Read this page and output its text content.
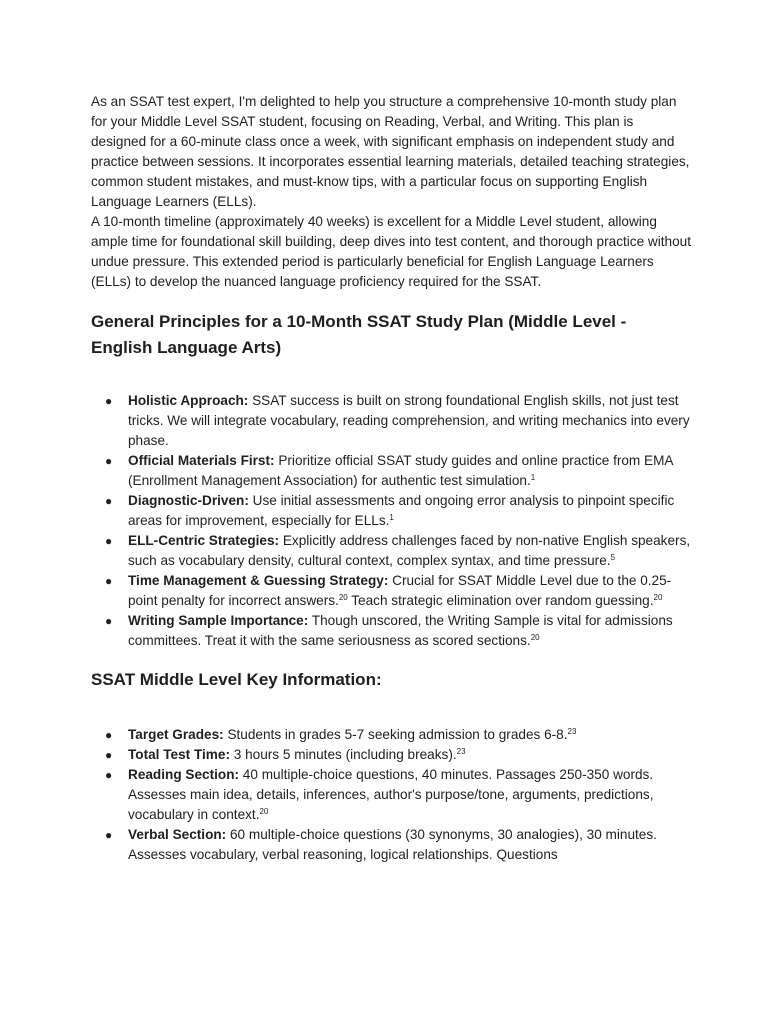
As an SSAT test expert, I'm delighted to help you structure a comprehensive 10-month study plan for your Middle Level SSAT student, focusing on Reading, Verbal, and Writing. This plan is designed for a 60-minute class once a week, with significant emphasis on independent study and practice between sessions. It incorporates essential learning materials, detailed teaching strategies, common student mistakes, and must-know tips, with a particular focus on supporting English Language Learners (ELLs).

A 10-month timeline (approximately 40 weeks) is excellent for a Middle Level student, allowing ample time for foundational skill building, deep dives into test content, and thorough practice without undue pressure. This extended period is particularly beneficial for English Language Learners (ELLs) to develop the nuanced language proficiency required for the SSAT.

General Principles for a 10-Month SSAT Study Plan (Middle Level - English Language Arts)
● Holistic Approach: SSAT success is built on strong foundational English skills, not just test tricks. We will integrate vocabulary, reading comprehension, and writing mechanics into every phase.
● Official Materials First: Prioritize official SSAT study guides and online practice from EMA (Enrollment Management Association) for authentic test simulation.$^1$
● Diagnostic-Driven: Use initial assessments and ongoing error analysis to pinpoint specific areas for improvement, especially for ELLs.$^1$
● ELL-Centric Strategies: Explicitly address challenges faced by non-native English speakers, such as vocabulary density, cultural context, complex syntax, and time pressure.$^5$
● Time Management & Guessing Strategy: Crucial for SSAT Middle Level due to the 0.25-point penalty for incorrect answers.$^{20}$ Teach strategic elimination over random guessing.$^{20}$
● Writing Sample Importance: Though unscored, the Writing Sample is vital for admissions committees. Treat it with the same seriousness as scored sections.$^{20}$
SSAT Middle Level Key Information:
● Target Grades: Students in grades 5-7 seeking admission to grades 6-8.23
● Total Test Time: 3 hours 5 minutes (including breaks).$^{23}$
● Reading Section: 40 multiple-choice questions, 40 minutes. Passages 250-350 words. Assesses main idea, details, inferences, author's purpose/tone, arguments, predictions, vocabulary in context.$^{20}$
● Verbal Section: 60 multiple-choice questions (30 synonyms, 30 analogies), 30 minutes. Assesses vocabulary, verbal reasoning, logical relationships. Questions
